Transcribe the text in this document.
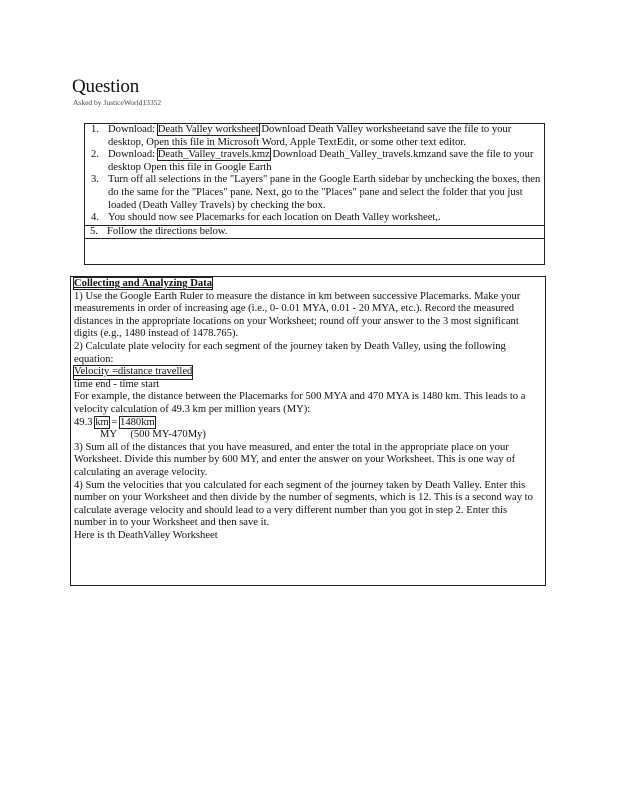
Question
Asked by JusticeWorld13352
1. Download: Death Valley worksheet Download Death Valley worksheetand save the file to your desktop, Open this file in Microsoft Word, Apple TextEdit, or some other text editor.
2. Download: Death_Valley_travels.kmz Download Death_Valley_travels.kmzand save the file to your desktop Open this file in Google Earth
3. Turn off all selections in the "Layers" pane in the Google Earth sidebar by unchecking the boxes, then do the same for the "Places" pane. Next, go to the "Places" pane and select the folder that you just loaded (Death Valley Travels) by checking the box.
4. You should now see Placemarks for each location on Death Valley worksheet,.
5. Follow the directions below.

Collecting and Analyzing Data

1) Use the Google Earth Ruler to measure the distance in km between successive Placemarks. Make your measurements in order of increasing age (i.e., 0- 0.01 MYA, 0.01 - 20 MYA, etc.). Record the measured distances in the appropriate locations on your Worksheet; round off your answer to the 3 most significant digits (e.g., 1480 instead of 1478.765).

2) Calculate plate velocity for each segment of the journey taken by Death Valley, using the following equation:

Velocity =distance travelled

time end - time start

For example, the distance between the Placemarks for 500 MYA and 470 MYA is 1480 km. This leads to a velocity calculation of 49.3 km per million years (MY):

49.3 km = 1480km

MY (500 MY-470My)

3) Sum all of the distances that you have measured, and enter the total in the appropriate place on your Worksheet. Divide this number by 600 MY, and enter the answer on your Worksheet. This is one way of calculating an average velocity.

4) Sum the velocities that you calculated for each segment of the journey taken by Death Valley. Enter this number on your Worksheet and then divide by the number of segments, which is 12. This is a second way to calculate average velocity and should lead to a very different number than you got in step 2. Enter this number in to your Worksheet and then save it.

Here is th DeathValley Worksheet
